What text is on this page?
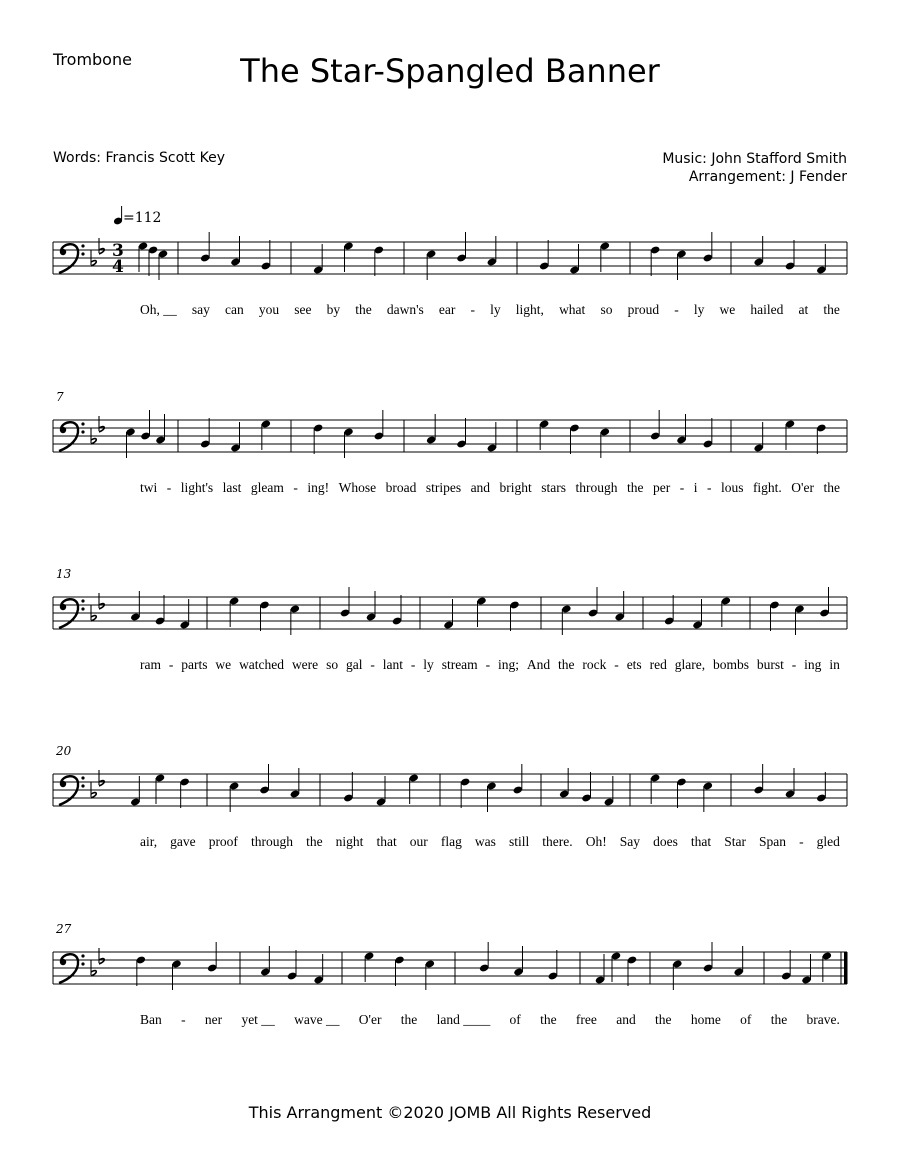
Trombone	The Star-Spangled Banner
Words: Francis Scott Key	Music: John Stafford Smith
Arrangement: J Fender
3
4
=112
Oh, __ say can you see by the dawn's ear - ly light, what so proud - ly we hailed at the
7
twi - light's last gleam - ing! Whose broad stripes and bright stars through the per - i - lous fight. O'er the
13
ram - parts we watched were so gal - lant - ly stream - ing; And the rock - ets red glare, bombs burst - ing in
20
air, gave proof through the night that our flag was still there. Oh! Say does that Star Span - gled
27
Ban - ner yet __ wave __ O'er the land ____ of the free and the home of the brave.
This Arrangment ©2020 JOMB All Rights Reserved
